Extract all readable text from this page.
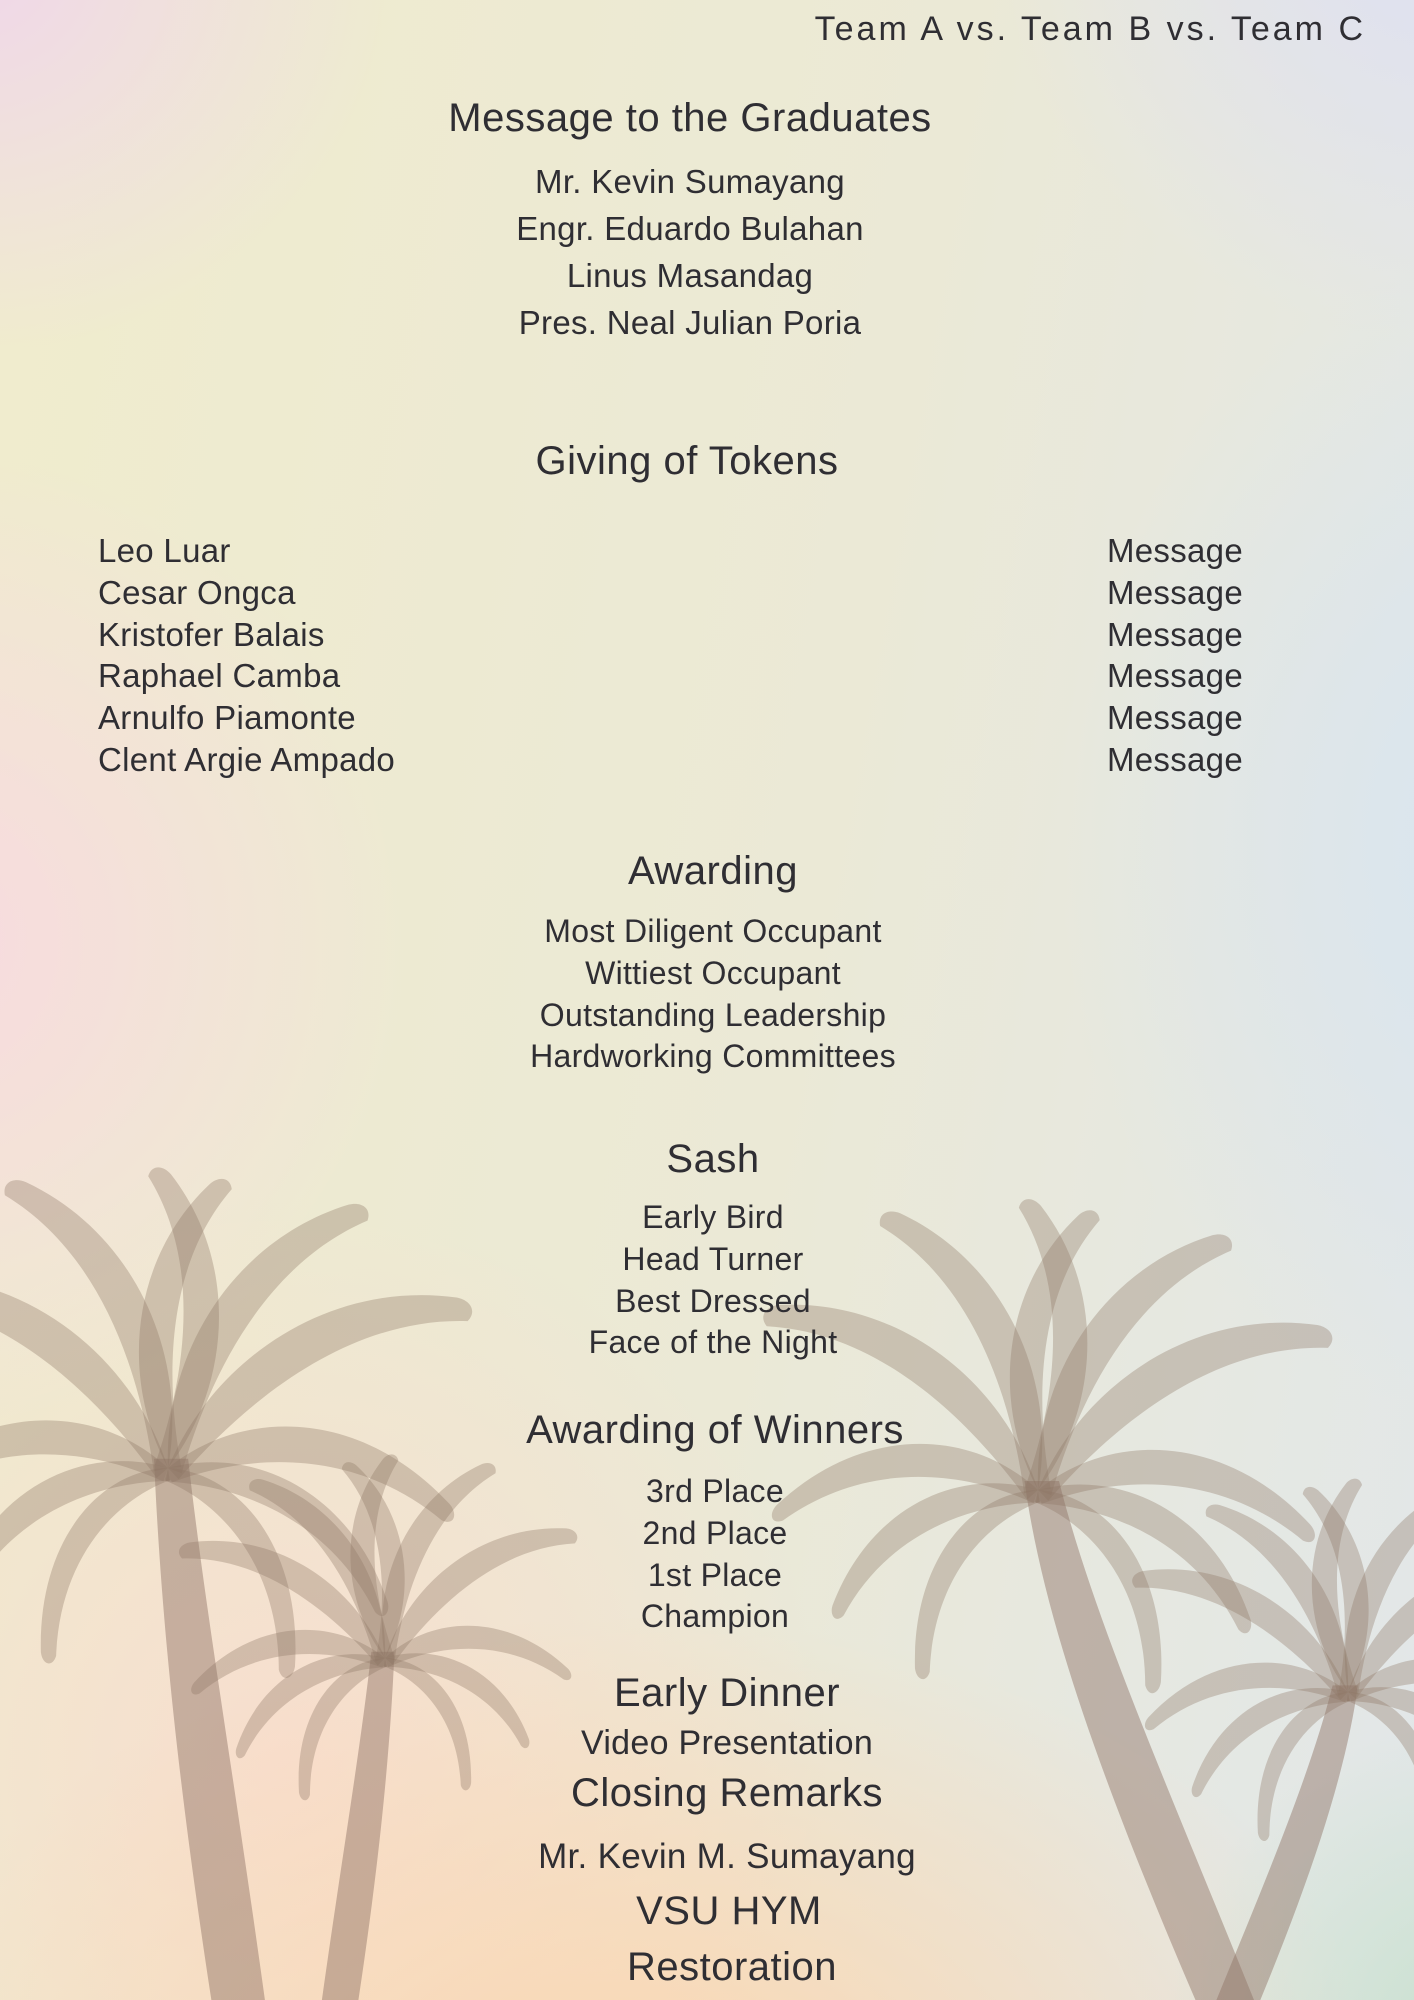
Team A vs. Team B vs. Team C
Message to the Graduates
Mr. Kevin Sumayang
Engr. Eduardo Bulahan
Linus Masandag
Pres. Neal Julian Poria
Giving of Tokens
Leo Luar
Cesar Ongca
Kristofer Balais
Raphael Camba
Arnulfo Piamonte
Clent Argie Ampado
Message
Message
Message
Message
Message
Message
Awarding
Most Diligent Occupant
Wittiest Occupant
Outstanding Leadership
Hardworking Committees
Sash
Early Bird
Head Turner
Best Dressed
Face of the Night
Awarding of Winners
3rd Place
2nd Place
1st Place
Champion
Early Dinner
Video Presentation
Closing Remarks
Mr. Kevin M. Sumayang
VSU HYM
Restoration
